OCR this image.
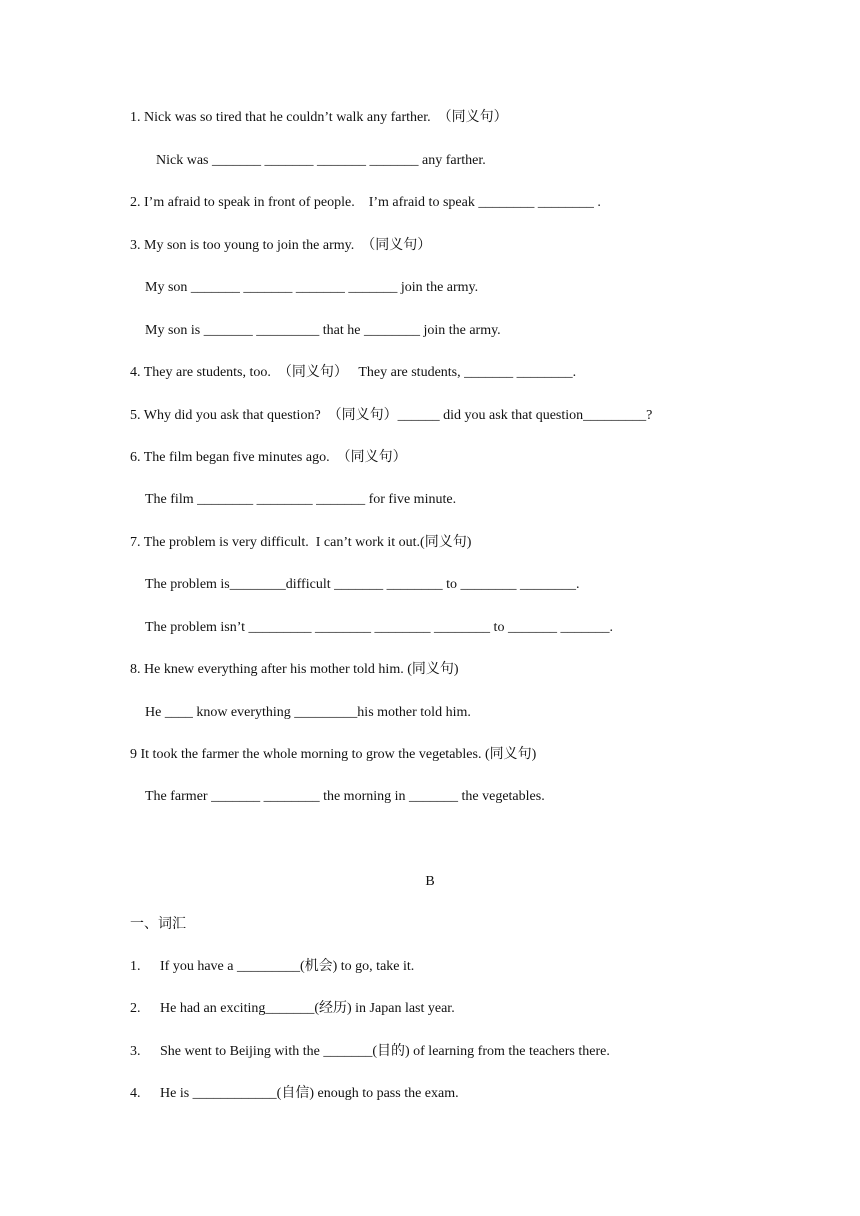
1. Nick was so tired that he couldn’t walk any farther.  （同义句）
Nick was _______ _______ _______ _______ any farther.
2. I’m afraid to speak in front of people.    I’m afraid to speak ________ ________ .
3. My son is too young to join the army.  （同义句）
My son _______ _______ _______ _______ join the army.
My son is _______ _________ that he ________ join the army.
4. They are students, too.  （同义句）   They are students, _______ ________.
5. Why did you ask that question?  （同义句）______ did you ask that question_________?
6. The film began five minutes ago.  （同义句）
The film ________ ________ _______ for five minute.
7. The problem is very difficult.  I can’t work it out.(同义句)
The problem is________difficult _______ ________ to ________ ________.
The problem isn’t _________ ________ ________ ________ to _______ _______.
8. He knew everything after his mother told him. (同义句)
He ____ know everything _________his mother told him.
9 It took the farmer the whole morning to grow the vegetables. (同义句)
The farmer _______ ________ the morning in _______ the vegetables.
B
一、词汇
1. If you have a _________(机会) to go, take it.
2. He had an exciting_______(经历) in Japan last year.
3. She went to Beijing with the _______(目的) of learning from the teachers there.
4. He is ____________(自信) enough to pass the exam.
